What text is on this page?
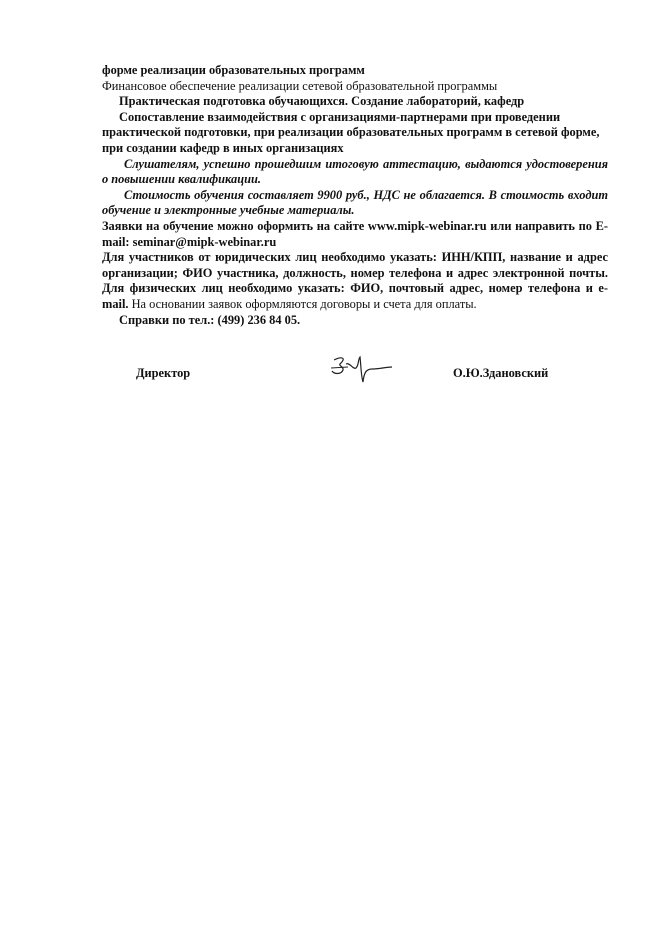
форме реализации образовательных программ

Финансовое обеспечение реализации сетевой образовательной программы

Практическая подготовка обучающихся. Создание лабораторий, кафедр

Сопоставление взаимодействия с организациями-партнерами при проведении практической подготовки, при реализации образовательных программ в сетевой форме, при создании кафедр в иных организациях

Слушателям, успешно прошедшим итоговую аттестацию, выдаются удостоверения о повышении квалификации.

Стоимость обучения составляет 9900 руб., НДС не облагается. В стоимость входит обучение и электронные учебные материалы.

Заявки на обучение можно оформить на сайте www.mipk-webinar.ru или направить по E-mail: seminar@mipk-webinar.ru

Для участников от юридических лиц необходимо указать: ИНН/КПП, название и адрес организации; ФИО участника, должность, номер телефона и адрес электронной почты. Для физических лиц необходимо указать: ФИО, почтовый адрес, номер телефона и e-mail. На основании заявок оформляются договоры и счета для оплаты.

Справки по тел.: (499) 236 84 05.

Директор	О.Ю.Здановский
